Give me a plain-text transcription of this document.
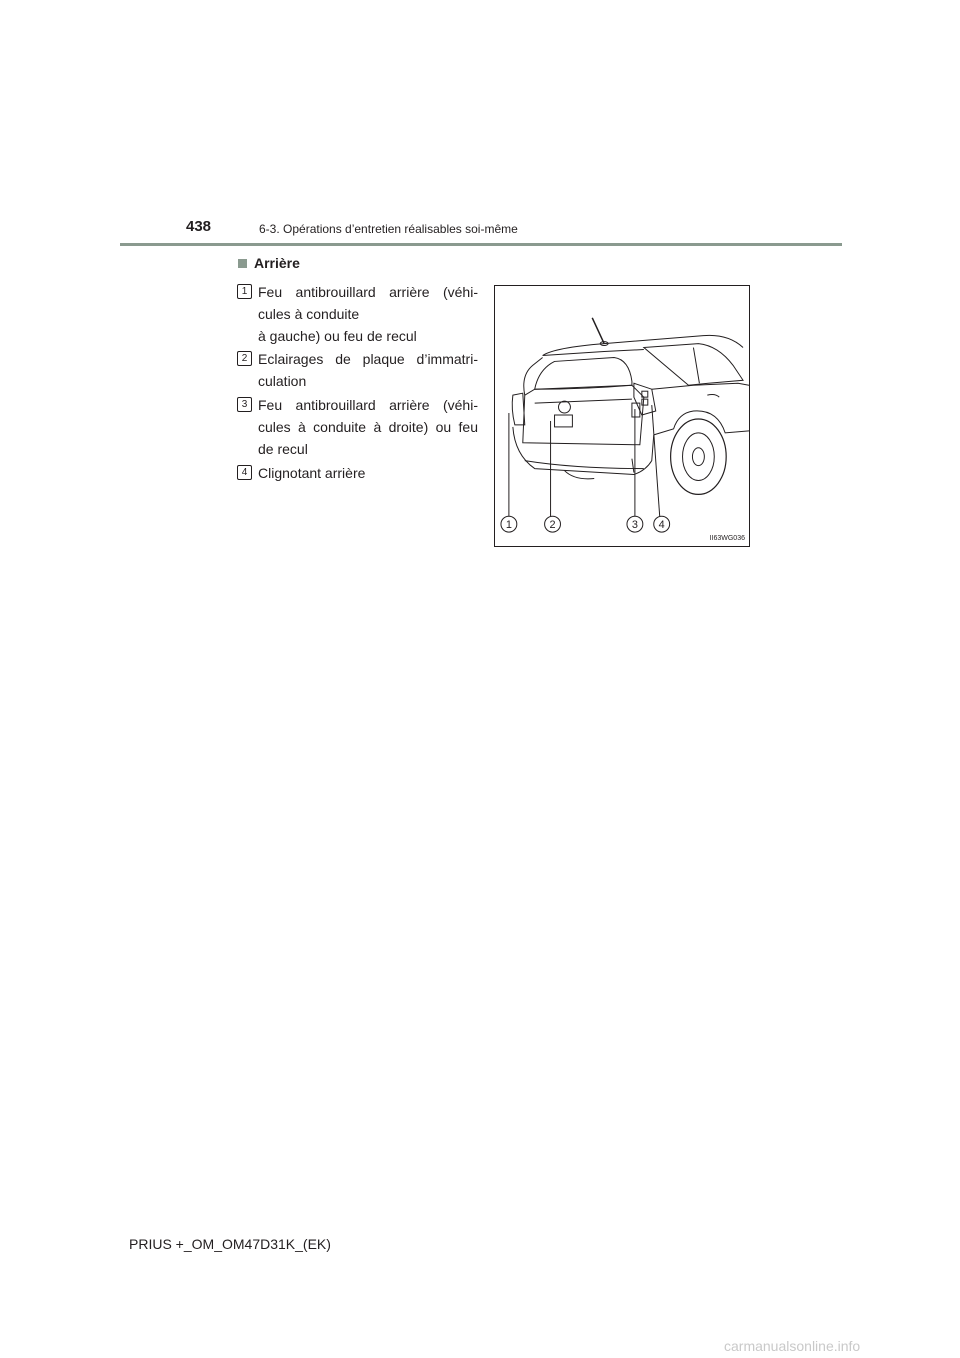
438	6-3. Opérations d’entretien réalisables soi-même
Arrière
1 Feu antibrouillard arrière (véhi-
cules à conduite
à gauche) ou feu de recul
2 Eclairages de plaque d’immatri-
culation
3 Feu antibrouillard arrière (véhi-
cules à conduite à droite) ou feu
de recul
4 Clignotant arrière
1	2	3 4
II63WG036
PRIUS +_OM_OM47D31K_(EK)
carmanualsonline.info
